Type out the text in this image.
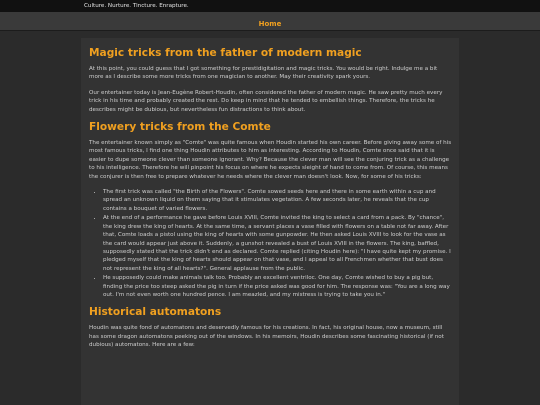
Culture. Nurture. Tincture. Enrapture.
Home
Magic tricks from the father of modern magic

At this point, you could guess that I got something for prestidigitation and magic tricks. You would be right. Indulge me a bit more as I describe some more tricks from one magician to another. May their creativity spark yours.

Our entertainer today is Jean-Eugène Robert-Houdin, often considered the father of modern magic. He saw pretty much every trick in his time and probably created the rest. Do keep in mind that he tended to embellish things. Therefore, the tricks he describes might be dubious, but nevertheless fun distractions to think about.

Flowery tricks from the Comte

The entertainer known simply as "Comte" was quite famous when Houdin started his own career. Before giving away some of his most famous tricks, I find one thing Houdin attributes to him as interesting. According to Houdin, Comte once said that it is easier to dupe someone clever than someone ignorant. Why? Because the clever man will see the conjuring trick as a challenge to his intelligence. Therefore he will pinpoint his focus on where he expects sleight of hand to come from. Of course, this means the conjurer is then free to prepare whatever he needs where the clever man doesn't look. Now, for some of his tricks:

• The first trick was called "the Birth of the Flowers". Comte sowed seeds here and there in some earth within a cup and spread an unknown liquid on them saying that it stimulates vegetation. A few seconds later, he reveals that the cup contains a bouquet of varied flowers.
• At the end of a performance he gave before Louis XVIII, Comte invited the king to select a card from a pack. By "chance", the king drew the king of hearts. At the same time, a servant places a vase filled with flowers on a table not far away. After that, Comte loads a pistol using the king of hearts with some gunpowder. He then asked Louis XVIII to look for the vase as the card would appear just above it. Suddenly, a gunshot revealed a bust of Louis XVIII in the flowers. The king, baffled, supposedly stated that the trick didn't end as declared. Comte replied (citing Houdin here): "I have quite kept my promise. I pledged myself that the king of hearts should appear on that vase, and I appeal to all Frenchmen whether that bust does not represent the king of all hearts?". General applause from the public.
• He supposedly could make animals talk too. Probably an excellent ventriloc. One day, Comte wished to buy a pig but, finding the price too steep asked the pig in turn if the price asked was good for him. The response was: "You are a long way out. I'm not even worth one hundred pence. I am meazled, and my mistress is trying to take you in."
Historical automatons

Houdin was quite fond of automatons and deservedly famous for his creations. In fact, his original house, now a museum, still has some dragon automatons peeking out of the windows. In his memoirs, Houdin describes some fascinating historical (if not dubious) automatons. Here are a few:
